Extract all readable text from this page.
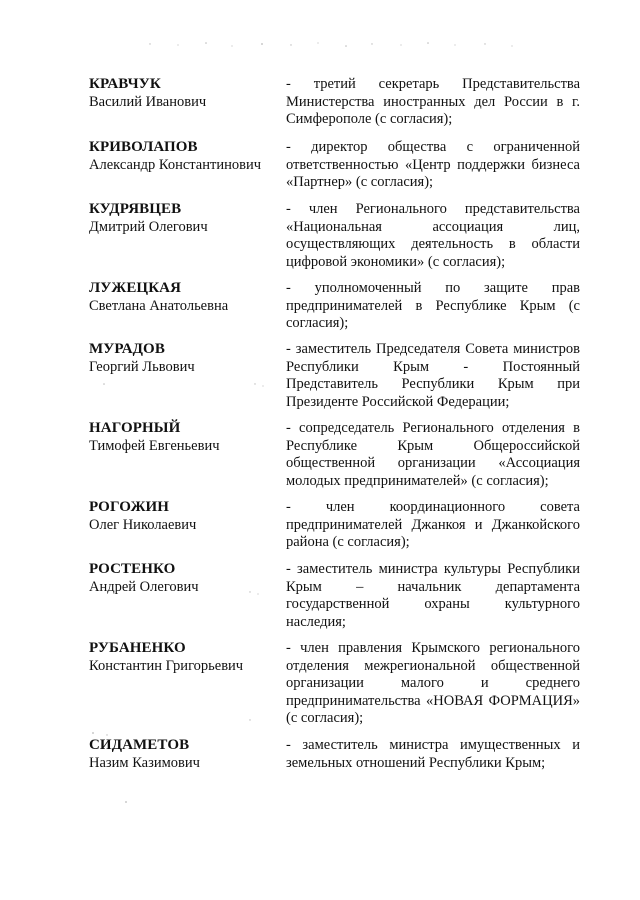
КРАВЧУК
Василий Иванович
- третий секретарь Представительства Министерства иностранных дел России в г. Симферополе (с согласия);
КРИВОЛАПОВ
Александр Константинович
- директор общества с ограниченной ответственностью «Центр поддержки бизнеса «Партнер» (с согласия);
КУДРЯВЦЕВ
Дмитрий Олегович
- член Регионального представительства «Национальная ассоциация лиц, осуществляющих деятельность в области цифровой экономики» (с согласия);
ЛУЖЕЦКАЯ
Светлана Анатольевна
- уполномоченный по защите прав предпринимателей в Республике Крым (с согласия);
МУРАДОВ
Георгий Львович
- заместитель Председателя Совета министров Республики Крым - Постоянный Представитель Республики Крым при Президенте Российской Федерации;
НАГОРНЫЙ
Тимофей Евгеньевич
- сопредседатель Регионального отделения в Республике Крым Общероссийской общественной организации «Ассоциация молодых предпринимателей» (с согласия);
РОГОЖИН
Олег Николаевич
- член координационного совета предпринимателей Джанкоя и Джанкойского района (с согласия);
РОСТЕНКО
Андрей Олегович
- заместитель министра культуры Республики Крым – начальник департамента государственной охраны культурного наследия;
РУБАНЕНКО
Константин Григорьевич
- член правления Крымского регионального отделения межрегиональной общественной организации малого и среднего предпринимательства «НОВАЯ ФОРМАЦИЯ» (с согласия);
СИДАМЕТОВ
Назим Казимович
- заместитель министра имущественных и земельных отношений Республики Крым;
